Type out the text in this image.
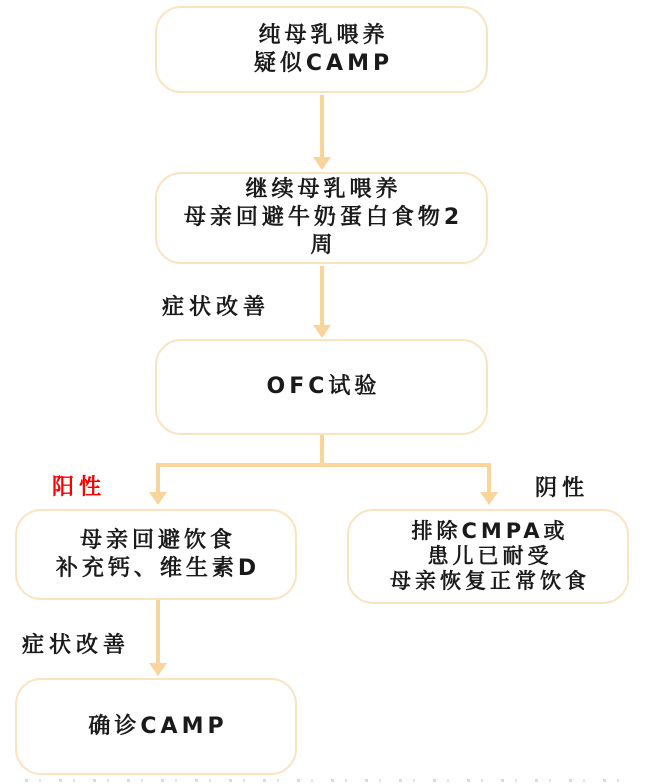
纯母乳喂养
疑似CAMP
继续母乳喂养
母亲回避牛奶蛋白食物2
周
症状改善
OFC试验
阳性	阴性
母亲回避饮食
补充钙、维生素D
排除CMPA或
患儿已耐受
母亲恢复正常饮食
症状改善
确诊CAMP
